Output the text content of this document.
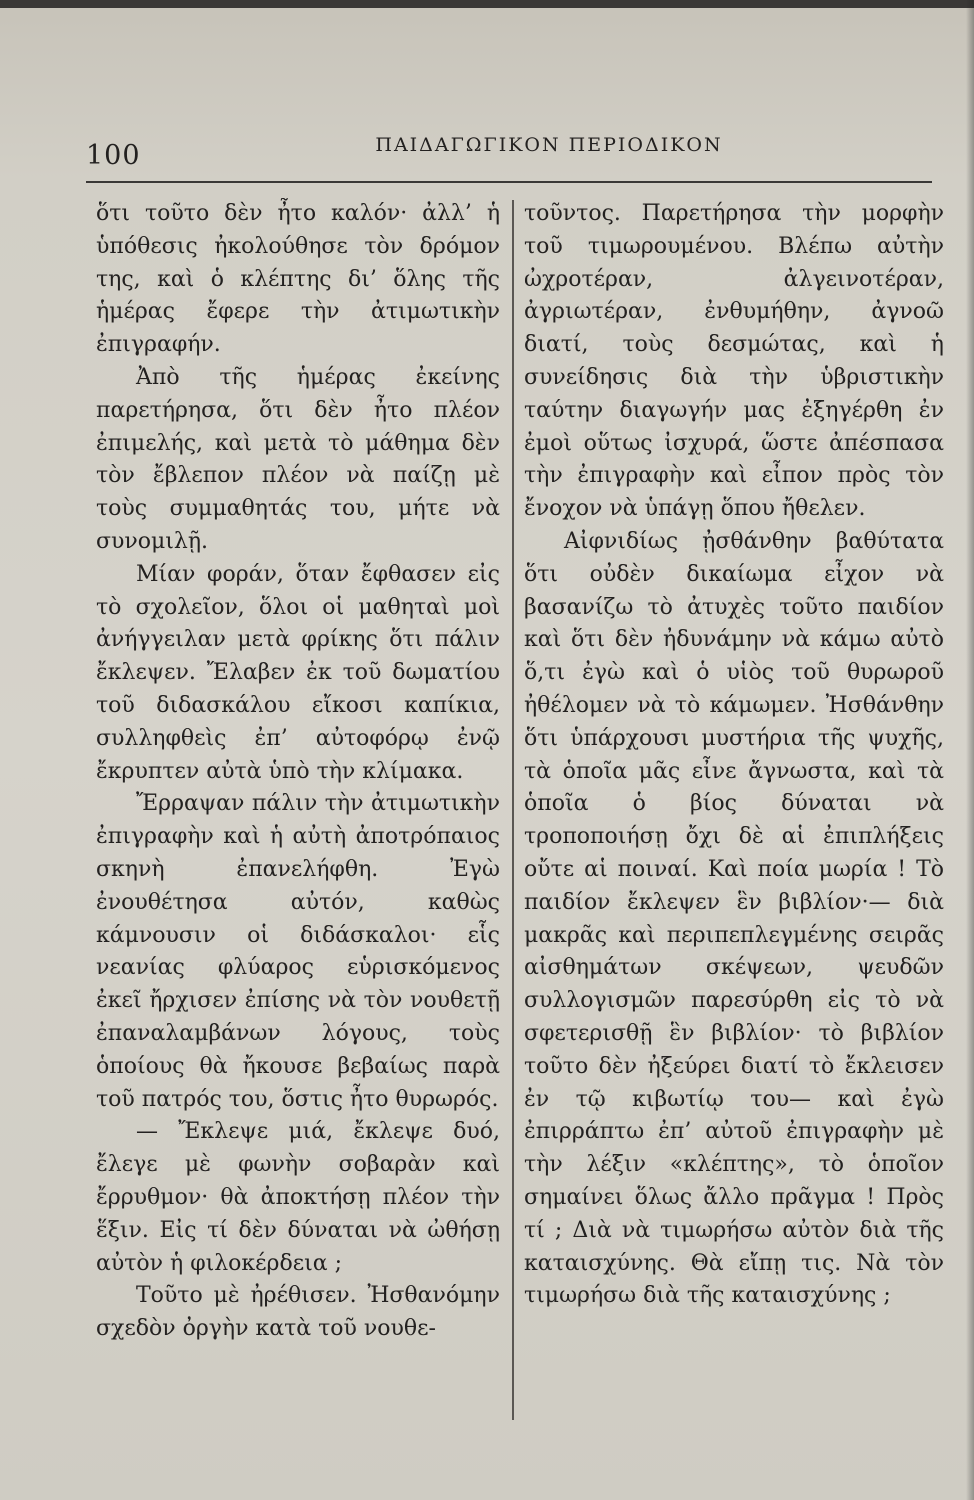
100	ΠΑΙΔΑΓΩΓΙΚΟΝ ΠΕΡΙΟΔΙΚΟΝ

ὅτι τοῦτο δὲν ἦτο καλόν· ἀλλ’ ἡ ὑπόθεσις ἠκολούθησε τὸν δρόμον της, καὶ ὁ κλέπτης δι’ ὅλης τῆς ἡμέρας ἔφερε τὴν ἀτιμωτικὴν ἐπιγραφήν.

Ἀπὸ τῆς ἡμέρας ἐκείνης παρετήρησα, ὅτι δὲν ἦτο πλέον ἐπιμελής, καὶ μετὰ τὸ μάθημα δὲν τὸν ἔβλεπον πλέον νὰ παίζῃ μὲ τοὺς συμμαθητάς του, μήτε νὰ συνομιλῇ.

Μίαν φοράν, ὅταν ἔφθασεν εἰς τὸ σχολεῖον, ὅλοι οἱ μαθηταὶ μοὶ ἀνήγγειλαν μετὰ φρίκης ὅτι πάλιν ἔκλεψεν. Ἔλαβεν ἐκ τοῦ δωματίου τοῦ διδασκάλου εἴκοσι καπίκια, συλληφθεὶς ἐπ’ αὐτοφόρῳ ἐνῷ ἔκρυπτεν αὐτὰ ὑπὸ τὴν κλίμακα.

Ἔρραψαν πάλιν τὴν ἀτιμωτικὴν ἐπιγραφὴν καὶ ἡ αὐτὴ ἀποτρόπαιος σκηνὴ ἐπανελήφθη. Ἐγὼ ἐνουθέτησα αὐτόν, καθὼς κάμνουσιν οἱ διδάσκαλοι· εἷς νεανίας φλύαρος εὑρισκόμενος ἐκεῖ ἤρχισεν ἐπίσης νὰ τὸν νουθετῇ ἐπαναλαμβάνων λόγους, τοὺς ὁποίους θὰ ἤκουσε βεβαίως παρὰ τοῦ πατρός του, ὅστις ἦτο θυρωρός.

— Ἔκλεψε μιά, ἔκλεψε δυό, ἔλεγε μὲ φωνὴν σοβαρὰν καὶ ἔρρυθμον· θὰ ἀποκτήσῃ πλέον τὴν ἕξιν. Εἰς τί δὲν δύναται νὰ ὠθήσῃ αὐτὸν ἡ φιλοκέρδεια ;

Τοῦτο μὲ ἠρέθισεν. Ἠσθανόμην σχεδὸν ὀργὴν κατὰ τοῦ νουθε-

τοῦντος. Παρετήρησα τὴν μορφὴν τοῦ τιμωρουμένου. Βλέπω αὐτὴν ὠχροτέραν, ἀλγεινοτέραν, ἀγριωτέραν, ἐνθυμήθην, ἀγνοῶ διατί, τοὺς δεσμώτας, καὶ ἡ συνείδησις διὰ τὴν ὑβριστικὴν ταύτην διαγωγήν μας ἐξηγέρθη ἐν ἐμοὶ οὕτως ἰσχυρά, ὥστε ἀπέσπασα τὴν ἐπιγραφὴν καὶ εἶπον πρὸς τὸν ἔνοχον νὰ ὑπάγῃ ὅπου ἤθελεν.

Αἰφνιδίως ᾐσθάνθην βαθύτατα ὅτι οὐδὲν δικαίωμα εἶχον νὰ βασανίζω τὸ ἀτυχὲς τοῦτο παιδίον καὶ ὅτι δὲν ἠδυνάμην νὰ κάμω αὐτὸ ὅ,τι ἐγὼ καὶ ὁ υἱὸς τοῦ θυρωροῦ ἠθέλομεν νὰ τὸ κάμωμεν. Ἠσθάνθην ὅτι ὑπάρχουσι μυστήρια τῆς ψυχῆς, τὰ ὁποῖα μᾶς εἶνε ἄγνωστα, καὶ τὰ ὁποῖα ὁ βίος δύναται νὰ τροποποιήσῃ ὄχι δὲ αἱ ἐπιπλήξεις οὔτε αἱ ποιναί. Καὶ ποία μωρία ! Τὸ παιδίον ἔκλεψεν ἓν βιβλίον·— διὰ μακρᾶς καὶ περιπεπλεγμένης σειρᾶς αἰσθημάτων σκέψεων, ψευδῶν συλλογισμῶν παρεσύρθη εἰς τὸ νὰ σφετερισθῇ ἓν βιβλίον· τὸ βιβλίον τοῦτο δὲν ἠξεύρει διατί τὸ ἔκλεισεν ἐν τῷ κιβωτίῳ του— καὶ ἐγὼ ἐπιρράπτω ἐπ’ αὐτοῦ ἐπιγραφὴν μὲ τὴν λέξιν «κλέπτης», τὸ ὁποῖον σημαίνει ὅλως ἄλλο πρᾶγμα ! Πρὸς τί ; Διὰ νὰ τιμωρήσω αὐτὸν διὰ τῆς καταισχύνης. Θὰ εἴπῃ τις. Νὰ τὸν τιμωρήσω διὰ τῆς καταισχύνης ;
